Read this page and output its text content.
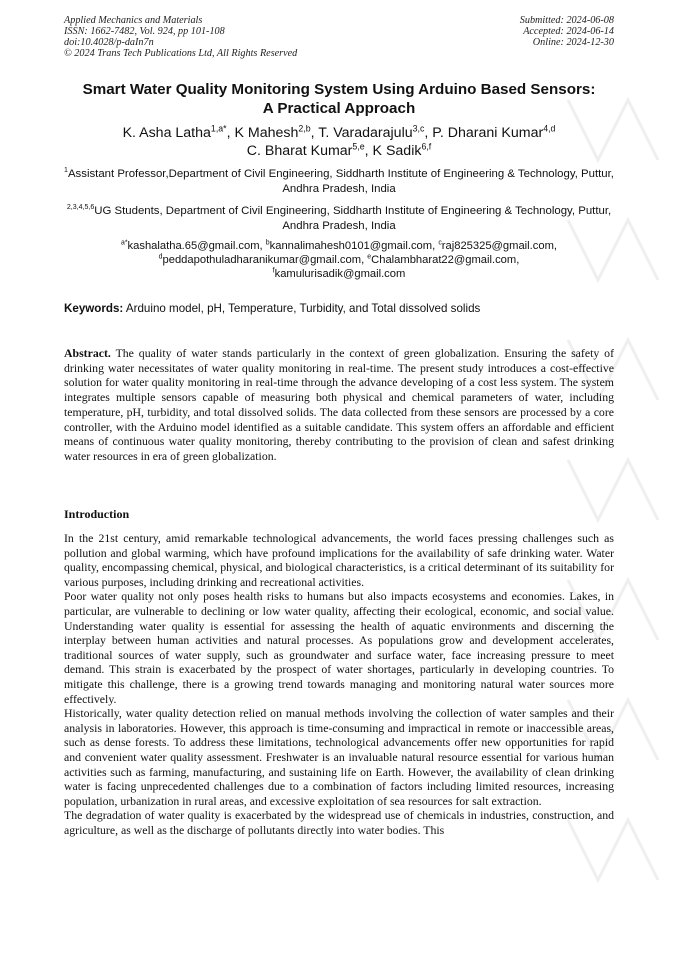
Applied Mechanics and Materials
ISSN: 1662-7482, Vol. 924, pp 101-108
doi:10.4028/p-daIn7n
© 2024 Trans Tech Publications Ltd, All Rights Reserved
Submitted: 2024-06-08
Accepted: 2024-06-14
Online: 2024-12-30
Smart Water Quality Monitoring System Using Arduino Based Sensors:
A Practical Approach
K. Asha Latha$^{1,a*}$, K Mahesh$^{2,b}$, T. Varadarajulu$^{3,c}$, P. Dharani Kumar$^{4,d}$
C. Bharat Kumar$^{5,e}$, K Sadik$^{6,f}$
$^1$Assistant Professor,Department of Civil Engineering, Siddharth Institute of Engineering & Technology, Puttur, Andhra Pradesh, India
$^{2,3,4,5,6}$UG Students, Department of Civil Engineering, Siddharth Institute of Engineering & Technology, Puttur, Andhra Pradesh, India
$^{a*}$kashalatha.65@gmail.com, $^b$kannalimahesh0101@gmail.com, $^c$raj825325@gmail.com,
$^d$peddapothuladharanikumar@gmail.com, $^e$Chalambharat22@gmail.com,
$^f$kamulurisadik@gmail.com
Keywords: Arduino model, pH, Temperature, Turbidity, and Total dissolved solids
Abstract. The quality of water stands particularly in the context of green globalization. Ensuring the safety of drinking water necessitates of water quality monitoring in real-time. The present study introduces a cost-effective solution for water quality monitoring in real-time through the advance developing of a cost less system. The system integrates multiple sensors capable of measuring both physical and chemical parameters of water, including temperature, pH, turbidity, and total dissolved solids. The data collected from these sensors are processed by a core controller, with the Arduino model identified as a suitable candidate. This system offers an affordable and efficient means of continuous water quality monitoring, thereby contributing to the provision of clean and safest drinking water resources in era of green globalization.
Introduction

In the 21st century, amid remarkable technological advancements, the world faces pressing challenges such as pollution and global warming, which have profound implications for the availability of safe drinking water. Water quality, encompassing chemical, physical, and biological characteristics, is a critical determinant of its suitability for various purposes, including drinking and recreational activities.

Poor water quality not only poses health risks to humans but also impacts ecosystems and economies. Lakes, in particular, are vulnerable to declining or low water quality, affecting their ecological, economic, and social value. Understanding water quality is essential for assessing the health of aquatic environments and discerning the interplay between human activities and natural processes. As populations grow and development accelerates, traditional sources of water supply, such as groundwater and surface water, face increasing pressure to meet demand. This strain is exacerbated by the prospect of water shortages, particularly in developing countries. To mitigate this challenge, there is a growing trend towards managing and monitoring natural water sources more effectively.

Historically, water quality detection relied on manual methods involving the collection of water samples and their analysis in laboratories. However, this approach is time-consuming and impractical in remote or inaccessible areas, such as dense forests. To address these limitations, technological advancements offer new opportunities for rapid and convenient water quality assessment. Freshwater is an invaluable natural resource essential for various human activities such as farming, manufacturing, and sustaining life on Earth. However, the availability of clean drinking water is facing unprecedented challenges due to a combination of factors including limited resources, increasing population, urbanization in rural areas, and excessive exploitation of sea resources for salt extraction.

The degradation of water quality is exacerbated by the widespread use of chemicals in industries, construction, and agriculture, as well as the discharge of pollutants directly into water bodies. This
